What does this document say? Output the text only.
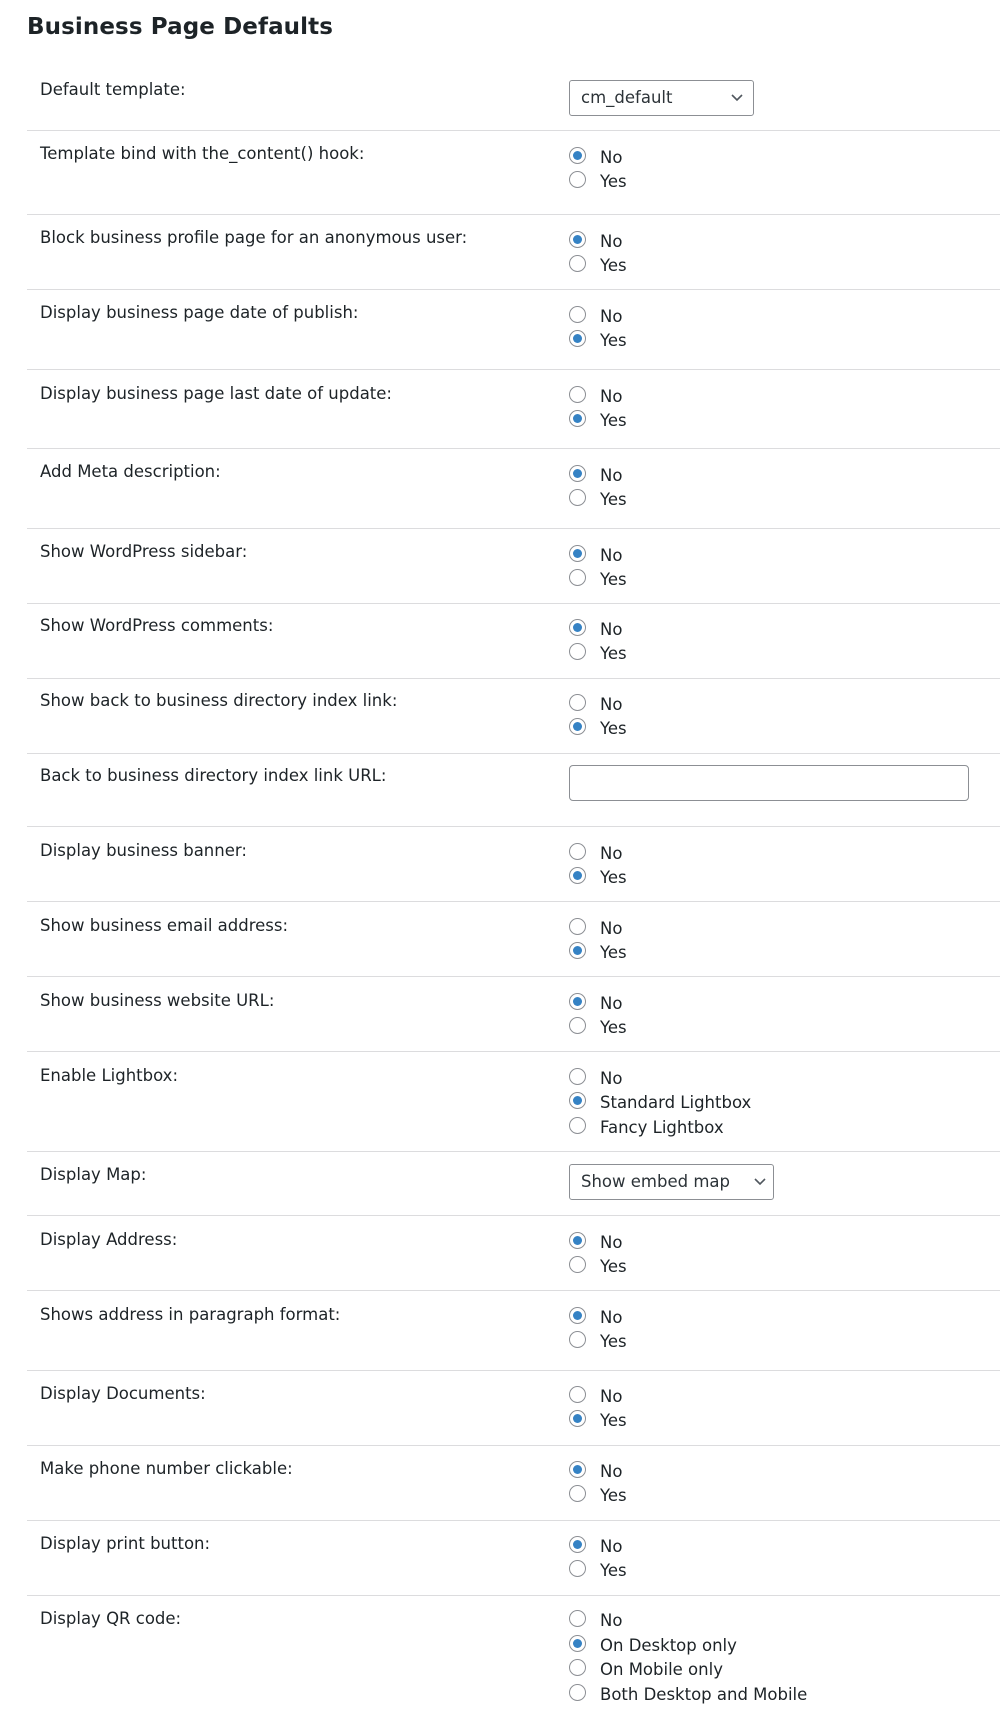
Business Page Defaults
Default template:	cm_default
Template bind with the_content() hook:	No
Yes
Block business profile page for an anonymous user:	No
Yes
Display business page date of publish:	No
Yes
Display business page last date of update:	No
Yes
Add Meta description:	No
Yes
Show WordPress sidebar:	No
Yes
Show WordPress comments:	No
Yes
Show back to business directory index link:	No
Yes
Back to business directory index link URL:
Display business banner:	No
Yes
Show business email address:	No
Yes
Show business website URL:	No
Yes
Enable Lightbox:	No
Standard Lightbox
Fancy Lightbox
Display Map:	Show embed map
Display Address:	No
Yes
Shows address in paragraph format:	No
Yes
Display Documents:	No
Yes
Make phone number clickable:	No
Yes
Display print button:	No
Yes
Display QR code:	No
On Desktop only
On Mobile only
Both Desktop and Mobile
